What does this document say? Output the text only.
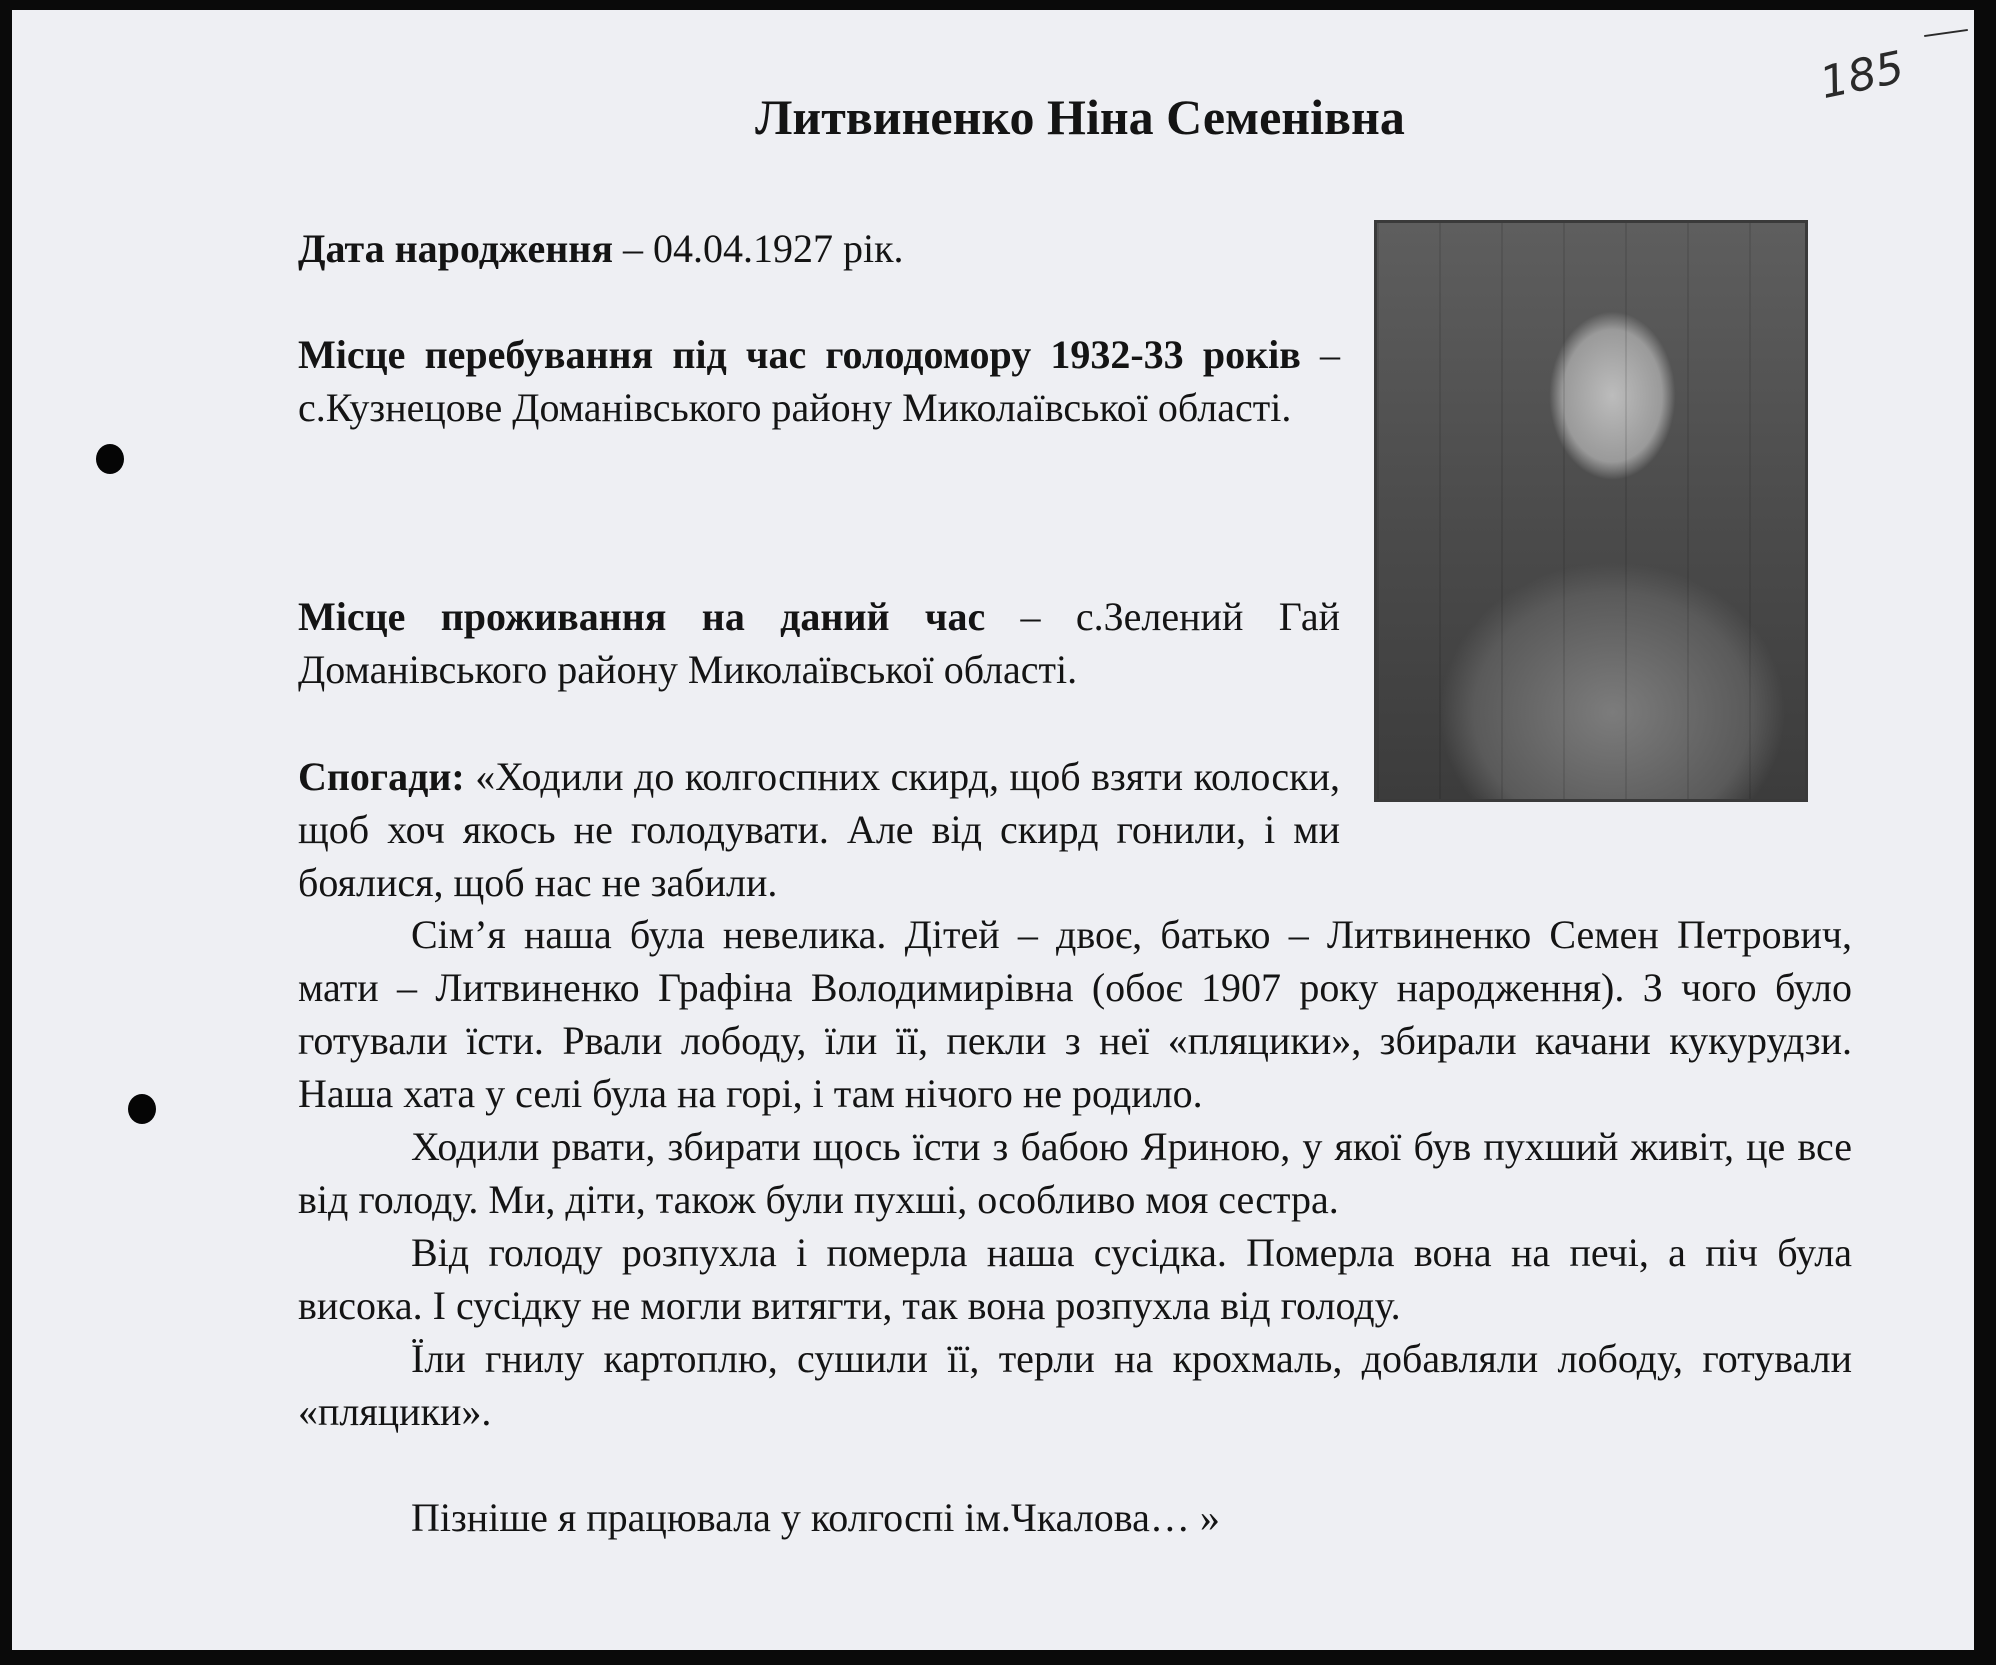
185
Литвиненко Ніна Семенівна

Дата народження – 04.04.1927 рік.

Місце перебування під час голодомору 1932-33 років – с.Кузнецове Доманівського району Миколаївської області.

Місце проживання на даний час – с.Зелений Гай Доманівського району Миколаївської області.

Спогади: «Ходили до колгоспних скирд, щоб взяти колоски, щоб хоч якось не голодувати. Але від скирд гонили, і ми боялися, щоб нас не забили.

Сім’я наша була невелика. Дітей – двоє, батько – Литвиненко Семен Петрович, мати – Литвиненко Графіна Володимирівна (обоє 1907 року народження). З чого було готували їсти. Рвали лободу, їли її, пекли з неї «пляцики», збирали качани кукурудзи. Наша хата у селі була на горі, і там нічого не родило.

Ходили рвати, збирати щось їсти з бабою Яриною, у якої був пухший живіт, це все від голоду. Ми, діти, також були пухші, особливо моя сестра.

Від голоду розпухла і померла наша сусідка. Померла вона на печі, а піч була висока. І сусідку не могли витягти, так вона розпухла від голоду.

Їли гнилу картоплю, сушили її, терли на крохмаль, добавляли лободу, готували «пляцики».

Пізніше я працювала у колгоспі ім.Чкалова… »
